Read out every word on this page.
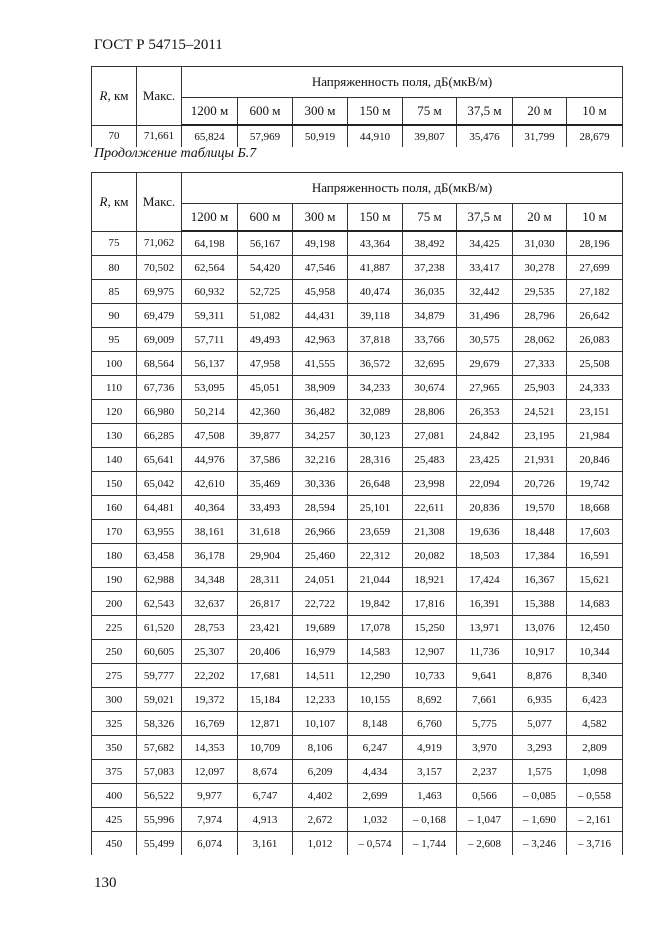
ГОСТ Р 54715–2011
R, км	Макс.	Напряженность поля, дБ(мкВ/м)							
		1200 м	600 м	300 м	150 м	75 м	37,5 м	20 м	10 м
70	71,661	65,824	57,969	50,919	44,910	39,807	35,476	31,799	28,679
Продолжение таблицы Б.7
R, км	Макс.	Напряженность поля, дБ(мкВ/м)							
		1200 м	600 м	300 м	150 м	75 м	37,5 м	20 м	10 м
75	71,062	64,198	56,167	49,198	43,364	38,492	34,425	31,030	28,196
80	70,502	62,564	54,420	47,546	41,887	37,238	33,417	30,278	27,699
85	69,975	60,932	52,725	45,958	40,474	36,035	32,442	29,535	27,182
90	69,479	59,311	51,082	44,431	39,118	34,879	31,496	28,796	26,642
95	69,009	57,711	49,493	42,963	37,818	33,766	30,575	28,062	26,083
100	68,564	56,137	47,958	41,555	36,572	32,695	29,679	27,333	25,508
110	67,736	53,095	45,051	38,909	34,233	30,674	27,965	25,903	24,333
120	66,980	50,214	42,360	36,482	32,089	28,806	26,353	24,521	23,151
130	66,285	47,508	39,877	34,257	30,123	27,081	24,842	23,195	21,984
140	65,641	44,976	37,586	32,216	28,316	25,483	23,425	21,931	20,846
150	65,042	42,610	35,469	30,336	26,648	23,998	22,094	20,726	19,742
160	64,481	40,364	33,493	28,594	25,101	22,611	20,836	19,570	18,668
170	63,955	38,161	31,618	26,966	23,659	21,308	19,636	18,448	17,603
180	63,458	36,178	29,904	25,460	22,312	20,082	18,503	17,384	16,591
190	62,988	34,348	28,311	24,051	21,044	18,921	17,424	16,367	15,621
200	62,543	32,637	26,817	22,722	19,842	17,816	16,391	15,388	14,683
225	61,520	28,753	23,421	19,689	17,078	15,250	13,971	13,076	12,450
250	60,605	25,307	20,406	16,979	14,583	12,907	11,736	10,917	10,344
275	59,777	22,202	17,681	14,511	12,290	10,733	9,641	8,876	8,340
300	59,021	19,372	15,184	12,233	10,155	8,692	7,661	6,935	6,423
325	58,326	16,769	12,871	10,107	8,148	6,760	5,775	5,077	4,582
350	57,682	14,353	10,709	8,106	6,247	4,919	3,970	3,293	2,809
375	57,083	12,097	8,674	6,209	4,434	3,157	2,237	1,575	1,098
400	56,522	9,977	6,747	4,402	2,699	1,463	0,566	– 0,085	– 0,558
425	55,996	7,974	4,913	2,672	1,032	– 0,168	– 1,047	– 1,690	– 2,161
450	55,499	6,074	3,161	1,012	– 0,574	– 1,744	– 2,608	– 3,246	– 3,716
130
